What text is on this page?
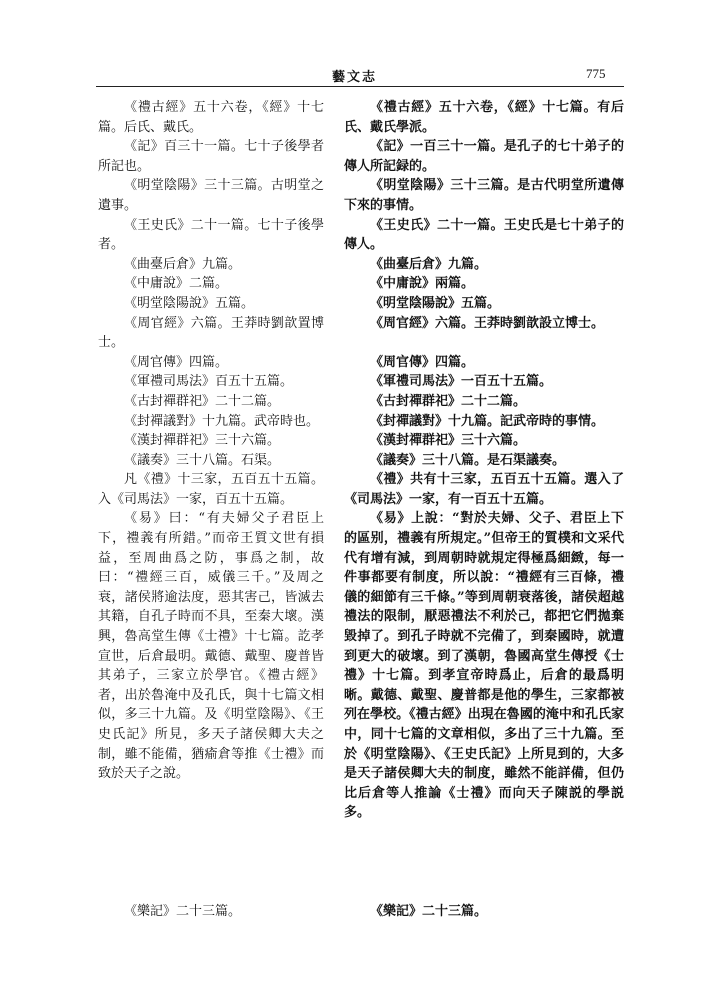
藝文志	775

《禮古經》五十六卷，《經》十七篇。后氏、戴氏。

《記》百三十一篇。七十子後學者所記也。

《明堂陰陽》三十三篇。古明堂之遺事。

《王史氏》二十一篇。七十子後學者。

《曲臺后倉》九篇。

《中庸說》二篇。

《明堂陰陽說》五篇。

《周官經》六篇。王莽時劉歆置博士。

《周官傳》四篇。

《軍禮司馬法》百五十五篇。

《古封禪群祀》二十二篇。

《封禪議對》十九篇。武帝時也。

《漢封禪群祀》三十六篇。

《議奏》三十八篇。石渠。

凡《禮》十三家，五百五十五篇。入《司馬法》一家，百五十五篇。

《易》曰：“有夫婦父子君臣上下，禮義有所錯。”而帝王質文世有損益，至周曲爲之防，事爲之制，故曰：“禮經三百，威儀三千。”及周之衰，諸侯將逾法度，惡其害己，皆滅去其籍，自孔子時而不具，至秦大壞。漢興，魯高堂生傳《士禮》十七篇。訖孝宣世，后倉最明。戴德、戴聖、慶普皆其弟子，三家立於學官。《禮古經》者，出於魯淹中及孔氏，與十七篇文相似，多三十九篇。及《明堂陰陽》、《王史氏記》所見，多天子諸侯卿大夫之制，雖不能備，猶瘉倉等推《士禮》而致於天子之說。

《禮古經》五十六卷，《經》十七篇。有后氏、戴氏學派。

《記》一百三十一篇。是孔子的七十弟子的傳人所記録的。

《明堂陰陽》三十三篇。是古代明堂所遺傳下來的事情。

《王史氏》二十一篇。王史氏是七十弟子的傳人。

《曲臺后倉》九篇。

《中庸說》兩篇。

《明堂陰陽說》五篇。

《周官經》六篇。王莽時劉歆設立博士。

《周官傳》四篇。

《軍禮司馬法》一百五十五篇。

《古封禪群祀》二十二篇。

《封禪議對》十九篇。記武帝時的事情。

《漢封禪群祀》三十六篇。

《議奏》三十八篇。是石渠議奏。

《禮》共有十三家，五百五十五篇。選入了《司馬法》一家，有一百五十五篇。

《易》上說：“對於夫婦、父子、君臣上下的區别，禮義有所規定。”但帝王的質樸和文采代代有增有減，到周朝時就規定得極爲細緻，每一件事都要有制度，所以說：“禮經有三百條，禮儀的細節有三千條。”等到周朝衰落後，諸侯超越禮法的限制，厭惡禮法不利於己，都把它們拋棄毀掉了。到孔子時就不完備了，到秦國時，就遭到更大的破壞。到了漢朝，魯國高堂生傳授《士禮》十七篇。到孝宣帝時爲止，后倉的最爲明晰。戴德、戴聖、慶普都是他的學生，三家都被列在學校。《禮古經》出現在魯國的淹中和孔氏家中，同十七篇的文章相似，多出了三十九篇。至於《明堂陰陽》、《王史氏記》上所見到的，大多是天子諸侯卿大夫的制度，雖然不能詳備，但仍比后倉等人推論《士禮》而向天子陳説的學説多。

《樂記》二十三篇。	《樂記》二十三篇。
